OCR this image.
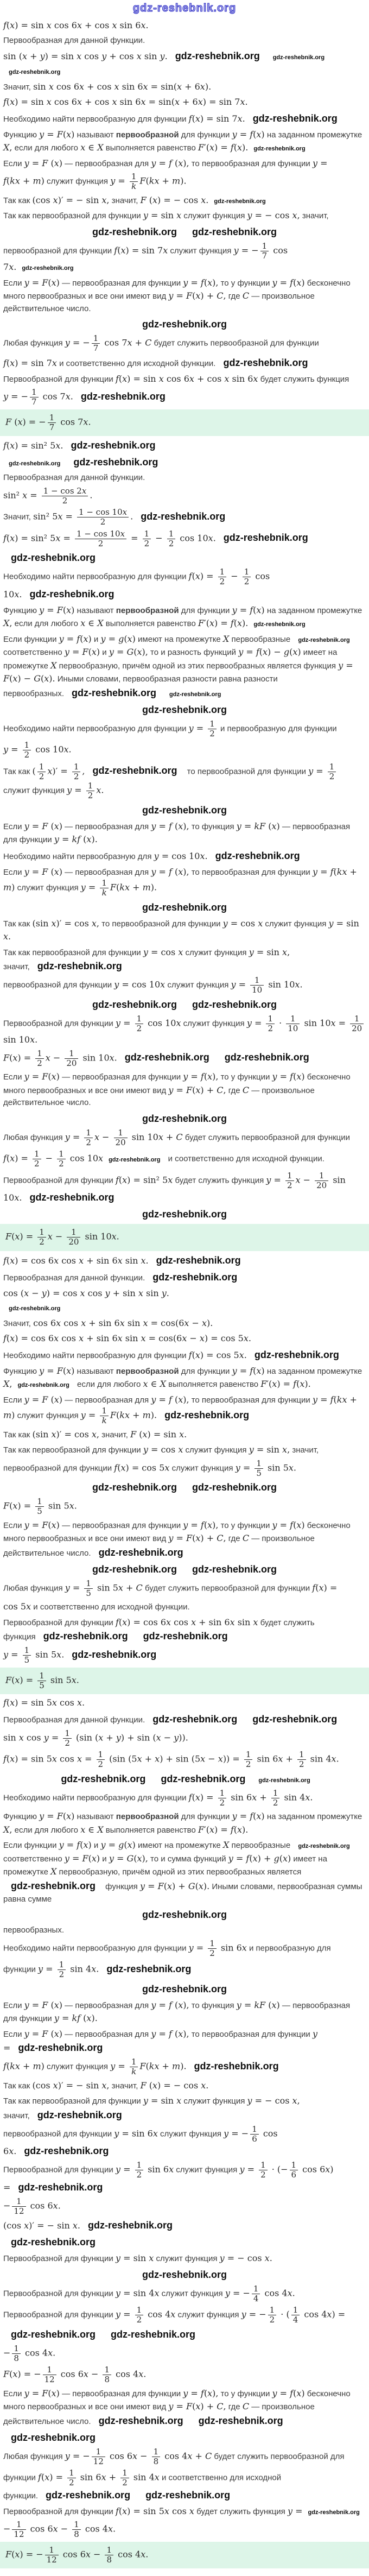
gdz-reshebnik.org
f(x) = sin x cos 6x + cos x sin 6x.
Первообразная для данной функции.
sin (x + y) = sin x cos y + cos x sin y. gdz-reshebnik.org gdz-reshebnik.org
gdz-reshebnik.org
Значит, sin x cos 6x + cos x sin 6x = sin(x + 6x).
f(x) = sin x cos 6x + cos x sin 6x = sin(x + 6x) = sin 7x.
Необходимо найти первообразную для функции f(x) = sin 7x. gdz-reshebnik.org
Функцию y = F(x) называют первообразной для функции y = f(x) на заданном промежутке X, если для любого x ∈ X выполняется равенство F′(x) = f(x). gdz-reshebnik.org
Если y = F (x) — первообразная для y = f (x), то первообразная для функции y =
f(kx + m) служит функция $y = \frac{1}{k} F(kx + m)$.
Так как (cos x)′ = − sin x, значит, F (x) = − cos x. gdz-reshebnik.org
Так как первообразной для функции y = sin x служит функция y = − cos x, значит,
gdz-reshebnik.org gdz-reshebnik.org
первообразной для функции f(x) = sin 7x служит функция y = − $\frac{1}{7}$ cos 7x. gdz-reshebnik.org
Если y = F(x) — первообразная для функции y = f(x), то у функции y = f(x) бесконечно много первообразных и все они имеют вид y = F(x) + C, где C — произвольное действительное число.
gdz-reshebnik.org
Любая функция y = − $\frac{1}{7}$ cos 7x + C будет служить первообразной для функции
f(x) = sin 7x и соответственно для исходной функции. gdz-reshebnik.org
Первообразной для функции f(x) = sin x cos 6x + cos x sin 6x будет служить функция
y = − $\frac{1}{7}$ cos 7x. gdz-reshebnik.org
F (x) = − $\frac{1}{7}$ cos 7x.
f(x) = sin² 5x. gdz-reshebnik.org
gdz-reshebnik.org gdz-reshebnik.org
Первообразная для данной функции.
sin² $x = \frac{1 - \cos 2x}{2}$ .
Значит, sin² $5x = \frac{1 - \cos 10x}{2}$ . gdz-reshebnik.org
f(x) = sin² $5x = \frac{1 - \cos 10x}{2} = \frac{1}{2} - \frac{1}{2}$ cos 10x. gdz-reshebnik.org
gdz-reshebnik.org
Необходимо найти первообразную для функции $f(x) = \frac{1}{2} - \frac{1}{2}$ cos 10x. gdz-reshebnik.org
Функцию y = F(x) называют первообразной для функции y = f(x) на заданном промежутке X, если для любого x ∈ X выполняется равенство F′(x) = f(x). gdz-reshebnik.org
Если функции y = f(x) и y = g(x) имеют на промежутке X первообразные gdz-reshebnik.org соответственно y = F(x) и y = G(x), то и разность функций y = f(x) − g(x) имеет на промежутке X первообразную, причём одной из этих первообразных является функция y = F(x) − G(x). Иными словами, первообразная разности равна разности первообразных. gdz-reshebnik.org gdz-reshebnik.org
gdz-reshebnik.org
Необходимо найти первообразную для функции $y = \frac{1}{2}$ и первообразную для функции
$y = \frac{1}{2}$ cos 10x.
Так как ( $\frac{1}{2} x)' = \frac{1}{2}$ , gdz-reshebnik.org то первообразной для функции $y = \frac{1}{2}$
служит функция $y = \frac{1}{2} x$.
gdz-reshebnik.org
Если y = F (x) — первообразная для y = f (x), то функция y = kF (x) — первообразная для функции y = kf (x).
Необходимо найти первообразную для y = cos 10x. gdz-reshebnik.org
Если y = F (x) — первообразная для y = f (x), то первообразная для функции y = f(kx + m) служит функция $y = \frac{1}{k} F(kx + m)$.
gdz-reshebnik.org
Так как (sin x)′ = cos x, то первообразной для функции y = cos x служит функция y = sin x.
Так как первообразной для функции y = cos x служит функция y = sin x, значит, gdz-reshebnik.org
первообразной для функции y = cos 10x служит функция $y = \frac{1}{10}$ sin 10x.
gdz-reshebnik.org gdz-reshebnik.org
Первообразной для функции $y = \frac{1}{2}$ cos 10x служит функция $y = \frac{1}{2} \cdot \frac{1}{10}$ $\sin 10x = \frac{1}{20}$
sin 10x.
$F(x) = \frac{1}{2}$ $x - \frac{1}{20}$ sin 10x. gdz-reshebnik.org gdz-reshebnik.org
Если y = F(x) — первообразная для функции y = f(x), то у функции y = f(x) бесконечно много первообразных и все они имеют вид y = F(x) + C, где C — произвольное действительное число.
gdz-reshebnik.org
Любая функция $y = \frac{1}{2}$ $x - \frac{1}{20}$ sin 10x + C будет служить первообразной для функции
$f(x) = \frac{1}{2} - \frac{1}{2}$ cos 10x gdz-reshebnik.org и соответственно для исходной функции.
Первообразной для функции f(x) = sin² 5x будет служить функция $y = \frac{1}{2}$ $x - \frac{1}{20}$ sin 10x. gdz-reshebnik.org
gdz-reshebnik.org
$F(x) = \frac{1}{2}$ $x - \frac{1}{20}$ sin 10x.
f(x) = cos 6x cos x + sin 6x sin x. gdz-reshebnik.org
Первообразная для данной функции. gdz-reshebnik.org
cos (x − y) = cos x cos y + sin x sin y.
gdz-reshebnik.org
Значит, cos 6x cos x + sin 6x sin x = cos(6x − x).
f(x) = cos 6x cos x + sin 6x sin x = cos(6x − x) = cos 5x.
Необходимо найти первообразную для функции f(x) = cos 5x. gdz-reshebnik.org
Функцию y = F(x) называют первообразной для функции y = f(x) на заданном промежутке X, gdz-reshebnik.org если для любого x ∈ X выполняется равенство F′(x) = f(x).
Если y = F (x) — первообразная для y = f (x), то первообразная для функции y = f(kx + m) служит функция $y = \frac{1}{k} F(kx + m)$. gdz-reshebnik.org
Так как (sin x)′ = cos x, значит, F (x) = sin x.
Так как первообразной для функции y = cos x служит функция y = sin x, значит,
первообразной для функции f(x) = cos 5x служит функция $y = \frac{1}{5}$ sin 5x.
gdz-reshebnik.org gdz-reshebnik.org
$F(x) = \frac{1}{5}$ sin 5x.
Если y = F(x) — первообразная для функции y = f(x), то у функции y = f(x) бесконечно много первообразных и все они имеют вид y = F(x) + C, где C — произвольное действительное число. gdz-reshebnik.org
gdz-reshebnik.org gdz-reshebnik.org
Любая функция $y = \frac{1}{5}$ sin 5x + C будет служить первообразной для функции f(x) =
cos 5x и соответственно для исходной функции.
Первообразной для функции f(x) = cos 6x cos x + sin 6x sin x будет служить функция gdz-reshebnik.org gdz-reshebnik.org
$y = \frac{1}{5}$ sin 5x. gdz-reshebnik.org
$F(x) = \frac{1}{5}$ sin 5x.
f(x) = sin 5x cos x.
Первообразная для данной функции. gdz-reshebnik.org gdz-reshebnik.org
sin x $\cos y = \frac{1}{2} (\sin$ (x + y) + sin (x − y)).
f(x) = sin 5x $\cos x = \frac{1}{2} (\sin$ $(5x + x) + \sin (5x - x)) = \frac{1}{2}$ $\sin 6x + \frac{1}{2}$ sin 4x.
gdz-reshebnik.org gdz-reshebnik.org gdz-reshebnik.org
Необходимо найти первообразную для функции $f(x) = \frac{1}{2}$ $\sin 6x + \frac{1}{2}$ sin 4x.
Функцию y = F(x) называют первообразной для функции y = f(x) на заданном промежутке X, если для любого x ∈ X выполняется равенство F′(x) = f(x).
Если функции y = f(x) и y = g(x) имеют на промежутке X первообразные gdz-reshebnik.org соответственно y = F(x) и y = G(x), то и сумма функций y = f(x) + g(x) имеет на промежутке X первообразную, причём одной из этих первообразных является gdz-reshebnik.org функция y = F(x) + G(x). Иными словами, первообразная суммы равна сумме
gdz-reshebnik.org
первообразных.
Необходимо найти первообразную для функции $y = \frac{1}{2}$ sin 6x и первообразную для
функции $y = \frac{1}{2}$ sin 4x. gdz-reshebnik.org
gdz-reshebnik.org
Если y = F (x) — первообразная для y = f (x), то функция y = kF (x) — первообразная для функции y = kf (x).
Если y = F (x) — первообразная для y = f (x), то первообразная для функции y = gdz-reshebnik.org
f(kx + m) служит функция $y = \frac{1}{k} F(kx + m)$. gdz-reshebnik.org
Так как (cos x)′ = − sin x, значит, F (x) = − cos x.
Так как первообразной для функции y = sin x служит функция y = − cos x, значит, gdz-reshebnik.org
первообразной для функции y = sin 6x служит функция y = − $\frac{1}{6}$ cos 6x. gdz-reshebnik.org
Первообразной для функции $y = \frac{1}{2}$ sin 6x служит функция $y = \frac{1}{2}$ · (− $\frac{1}{6}$ cos 6x) = gdz-reshebnik.org
− $\frac{1}{12}$ cos 6x.
(cos x)′ = − sin x. gdz-reshebnik.org
gdz-reshebnik.org
Первообразной для функции y = sin x служит функция y = − cos x.
gdz-reshebnik.org
Первообразной для функции y = sin 4x служит функция y = − $\frac{1}{4}$ cos 4x.
Первообразной для функции $y = \frac{1}{2}$ cos 4x служит функция y = − $\frac{1}{2}$ · ( $\frac{1}{4}$ cos 4x) =
gdz-reshebnik.org gdz-reshebnik.org
− $\frac{1}{8}$ cos 4x.
F(x) = − $\frac{1}{12}$ $\cos 6x - \frac{1}{8}$ cos 4x.
Если y = F(x) — первообразная для функции y = f(x), то у функции y = f(x) бесконечно много первообразных и все они имеют вид y = F(x) + C, где C — произвольное действительное число. gdz-reshebnik.org gdz-reshebnik.org
gdz-reshebnik.org
Любая функция y = − $\frac{1}{12}$ $\cos 6x - \frac{1}{8}$ cos 4x + C будет служить первообразной для
функции $f(x) = \frac{1}{2}$ $\sin 6x + \frac{1}{2}$ sin 4x и соответственно для исходной функции. gdz-reshebnik.org gdz-reshebnik.org
Первообразной для функции f(x) = sin 5x cos x будет служить функция y = gdz-reshebnik.org
− $\frac{1}{12}$ $\cos 6x - \frac{1}{8}$ cos 4x.
F(x) = − $\frac{1}{12}$ $\cos 6x - \frac{1}{8}$ cos 4x.
